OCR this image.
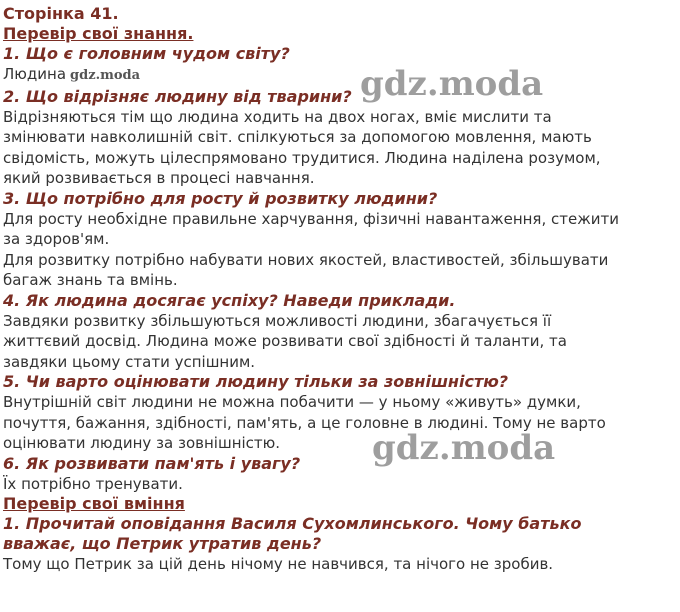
Сторінка 41.
Перевір свої знання.
1. Що є головним чудом світу?
Людина gdz.moda
2. Що відрізняє людину від тварини?
Відрізняються тім що людина ходить на двох ногах, вміє мислити та
змінювати навколишній світ. спілкуються за допомогою мовлення, мають
свідомість, можуть цілеспрямовано трудитися. Людина наділена розумом,
який розвивається в процесі навчання.
3. Що потрібно для росту й розвитку людини?
Для росту необхідне правильне харчування, фізичні навантаження, стежити
за здоров'ям.
Для розвитку потрібно набувати нових якостей, властивостей, збільшувати
багаж знань та вмінь.
4. Як людина досягає успіху? Наведи приклади.
Завдяки розвитку збільшуються можливості людини, збагачується її
життєвий досвід. Людина може розвивати свої здібності й таланти, та
завдяки цьому стати успішним.
5. Чи варто оцінювати людину тільки за зовнішністю?
Внутрішній світ людини не можна побачити — у ньому «живуть» думки,
почуття, бажання, здібності, пам'ять, а це головне в людині. Тому не варто
оцінювати людину за зовнішністю.
6. Як розвивати пам'ять і увагу?
Їх потрібно тренувати.
Перевір свої вміння
1. Прочитай оповідання Василя Сухомлинського. Чому батько
вважає, що Петрик утратив день?
Тому що Петрик за цій день нічому не навчився, та нічого не зробив.
gdz.moda
gdz.moda
